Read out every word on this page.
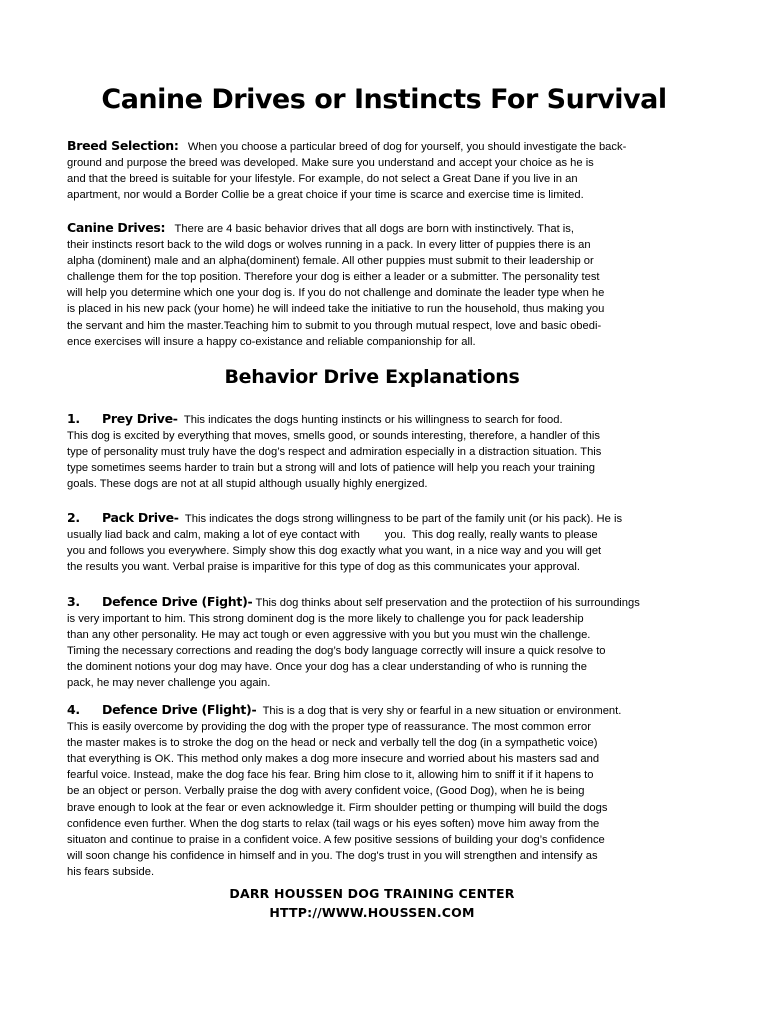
Canine Drives or Instincts For Survival
Breed Selection: When you choose a particular breed of dog for yourself, you should investigate the back-
ground and purpose the breed was developed. Make sure you understand and accept your choice as he is
and that the breed is suitable for your lifestyle. For example, do not select a Great Dane if you live in an
apartment, nor would a Border Collie be a great choice if your time is scarce and exercise time is limited.
Canine Drives: There are 4 basic behavior drives that all dogs are born with instinctively. That is,
their instincts resort back to the wild dogs or wolves running in a pack. In every litter of puppies there is an
alpha (dominent) male and an alpha(dominent) female. All other puppies must submit to their leadership or
challenge them for the top position. Therefore your dog is either a leader or a submitter. The personality test
will help you determine which one your dog is. If you do not challenge and dominate the leader type when he
is placed in his new pack (your home) he will indeed take the initiative to run the household, thus making you
the servant and him the master.Teaching him to submit to you through mutual respect, love and basic obedi-
ence exercises will insure a happy co-existance and reliable companionship for all.
Behavior Drive Explanations
1. Prey Drive- This indicates the dogs hunting instincts or his willingness to search for food.
This dog is excited by everything that moves, smells good, or sounds interesting, therefore, a handler of this
type of personality must truly have the dog’s respect and admiration especially in a distraction situation. This
type sometimes seems harder to train but a strong will and lots of patience will help you reach your training
goals. These dogs are not at all stupid although usually highly energized.
2. Pack Drive- This indicates the dogs strong willingness to be part of the family unit (or his pack). He is
usually liad back and calm, making a lot of eye contact with        you.  This dog really, really wants to please
you and follows you everywhere. Simply show this dog exactly what you want, in a nice way and you will get
the results you want. Verbal praise is imparitive for this type of dog as this communicates your approval.
3. Defence Drive (Fight)- This dog thinks about self preservation and the protectiion of his surroundings
is very important to him. This strong dominent dog is the more likely to challenge you for pack leadership
than any other personality. He may act tough or even aggressive with you but you must win the challenge.
Timing the necessary corrections and reading the dog’s body language correctly will insure a quick resolve to
the dominent notions your dog may have. Once your dog has a clear understanding of who is running the
pack, he may never challenge you again.
4. Defence Drive (Flight)- This is a dog that is very shy or fearful in a new situation or environment.
This is easily overcome by providing the dog with the proper type of reassurance. The most common error
the master makes is to stroke the dog on the head or neck and verbally tell the dog (in a sympathetic voice)
that everything is OK. This method only makes a dog more insecure and worried about his masters sad and
fearful voice. Instead, make the dog face his fear. Bring him close to it, allowing him to sniff it if it hapens to
be an object or person. Verbally praise the dog with avery confident voice, (Good Dog), when he is being
brave enough to look at the fear or even acknowledge it. Firm shoulder petting or thumping will build the dogs
confidence even further. When the dog starts to relax (tail wags or his eyes soften) move him away from the
situaton and continue to praise in a confident voice. A few positive sessions of building your dog’s confidence
will soon change his confidence in himself and in you. The dog's trust in you will strengthen and intensify as
his fears subside.
DARR HOUSSEN DOG TRAINING CENTER
HTTP://WWW.HOUSSEN.COM
